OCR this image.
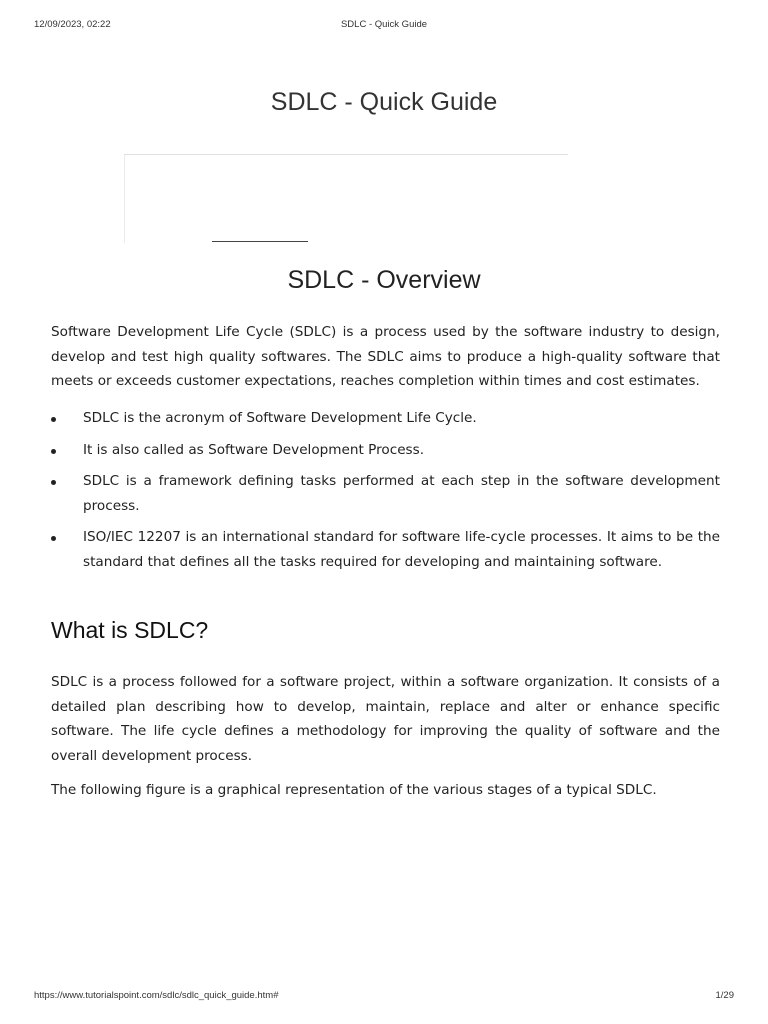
12/09/2023, 02:22	SDLC - Quick Guide
SDLC - Quick Guide
SDLC - Overview

Software Development Life Cycle (SDLC) is a process used by the software industry to design, develop and test high quality softwares. The SDLC aims to produce a high-quality software that meets or exceeds customer expectations, reaches completion within times and cost estimates.

SDLC is the acronym of Software Development Life Cycle.
It is also called as Software Development Process.
SDLC is a framework defining tasks performed at each step in the software development process.
ISO/IEC 12207 is an international standard for software life-cycle processes. It aims to be the standard that defines all the tasks required for developing and maintaining software.
What is SDLC?

SDLC is a process followed for a software project, within a software organization. It consists of a detailed plan describing how to develop, maintain, replace and alter or enhance specific software. The life cycle defines a methodology for improving the quality of software and the overall development process.

The following figure is a graphical representation of the various stages of a typical SDLC.

https://www.tutorialspoint.com/sdlc/sdlc_quick_guide.htm#	1/29
